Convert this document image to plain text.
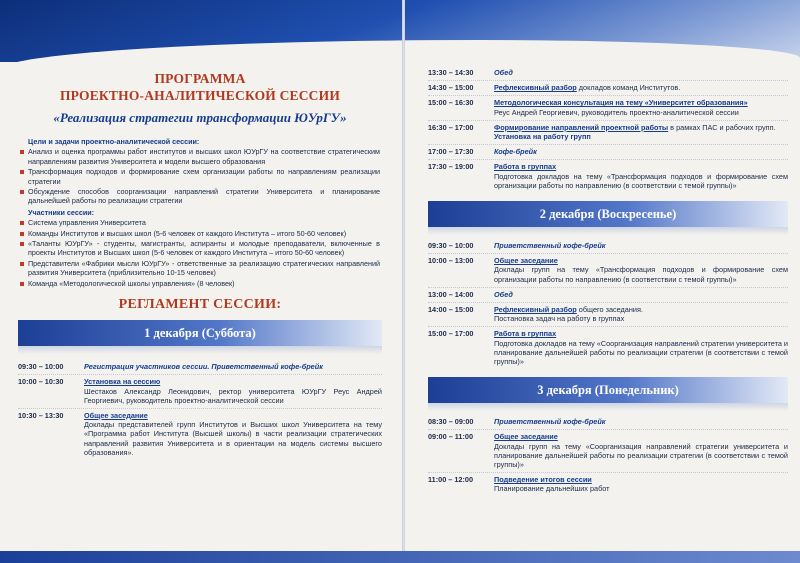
ПРОГРАММА
ПРОЕКТНО-АНАЛИТИЧЕСКОЙ СЕССИИ
«Реализация стратегии трансформации ЮУрГУ»
Цели и задачи проектно-аналитической сессии:
Анализ и оценка программы работ институтов и высших школ ЮУрГУ на соответствие стратегическим направлениям развития Университета и модели высшего образования
Трансформация подходов и формирование схем организации работы по направлениям реализации стратегии
Обсуждение способов соорганизации направлений стратегии Университета и планирование дальнейшей работы по реализации стратегии
Участники сессии:
Система управления Университета
Команды Институтов и высших школ (5-6 человек от каждого Института – итого 50-60 человек)
«Таланты ЮУрГУ» - студенты, магистранты, аспиранты и молодые преподаватели, включенные в проекты Институтов и Высших школ (5-6 человек от каждого Института – итого 50-60 человек)
Представители «Фабрики мысли ЮУрГУ» - ответственные за реализацию стратегических направлений развития Университета (приблизительно 10-15 человек)
Команда «Методологической школы управления» (8 человек)
РЕГЛАМЕНТ СЕССИИ:
1 декабря (Суббота)
09:30 – 10:00	Регистрация участников сессии. Приветственный кофе-брейк
10:00 – 10:30	Установка на сессию
Шестаков Александр Леонидович, ректор университета ЮУрГУ Реус Андрей Георгиевич, руководитель проектно-аналитической сессии
10:30 – 13:30	Общее заседание
Доклады представителей групп Институтов и Высших школ Университета на тему «Программа работ Института (Высшей школы) в части реализации стратегических направлений развития Университета и в ориентации на модель системы высшего образования».
13:30 – 14:30	Обед
14:30 – 15:00	Рефлексивный разбор докладов команд Институтов.
15:00 – 16:30	Методологическая консультация на тему «Университет образования»
Реус Андрей Георгиевич, руководитель проектно-аналитической сессии
16:30 – 17:00	Формирование направлений проектной работы в рамках ПАС и рабочих групп. Установка на работу групп
17:00 – 17:30	Кофе-брейк
17:30 – 19:00	Работа в группах
Подготовка докладов на тему «Трансформация подходов и формирование схем организации работы по направлению (в соответствии с темой группы)»
2 декабря (Воскресенье)
09:30 – 10:00	Приветственный кофе-брейк
10:00 – 13:00	Общее заседание
Доклады групп на тему «Трансформация подходов и формирование схем организации работы по направлению (в соответствии с темой группы)»
13:00 – 14:00	Обед
14:00 – 15:00	Рефлексивный разбор общего заседания.
Постановка задач на работу в группах
15:00 – 17:00	Работа в группах
Подготовка докладов на тему «Соорганизация направлений стратегии университета и планирование дальнейшей работы по реализации стратегии (в соответствии с темой группы)»
3 декабря (Понедельник)
08:30 – 09:00	Приветственный кофе-брейк
09:00 – 11:00	Общее заседание
Доклады групп на тему «Соорганизация направлений стратегии университета и планирование дальнейшей работы по реализации стратегии (в соответствии с темой группы)»
11:00 – 12:00	Подведение итогов сессии
Планирование дальнейших работ
